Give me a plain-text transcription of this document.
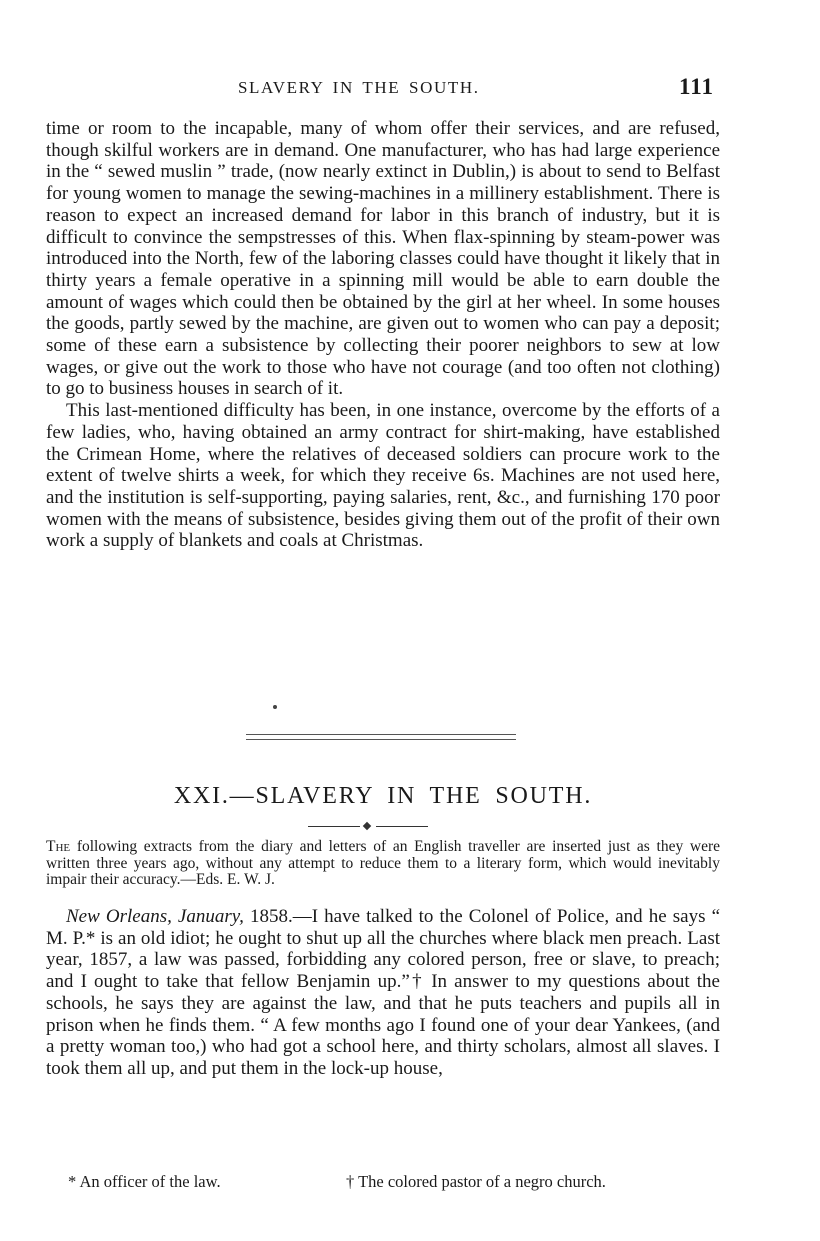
SLAVERY IN THE SOUTH.	111

time or room to the incapable, many of whom offer their services, and are refused, though skilful workers are in demand. One manufacturer, who has had large experience in the “ sewed muslin ” trade, (now nearly extinct in Dublin,) is about to send to Belfast for young women to manage the sewing-machines in a millinery establishment. There is reason to expect an increased demand for labor in this branch of industry, but it is difficult to convince the sempstresses of this. When flax-spinning by steam-power was introduced into the North, few of the laboring classes could have thought it likely that in thirty years a female operative in a spinning mill would be able to earn double the amount of wages which could then be obtained by the girl at her wheel. In some houses the goods, partly sewed by the machine, are given out to women who can pay a deposit; some of these earn a subsistence by collecting their poorer neighbors to sew at low wages, or give out the work to those who have not courage (and too often not clothing) to go to business houses in search of it.

This last-mentioned difficulty has been, in one instance, overcome by the efforts of a few ladies, who, having obtained an army contract for shirt-making, have established the Crimean Home, where the relatives of deceased soldiers can procure work to the extent of twelve shirts a week, for which they receive 6s. Machines are not used here, and the institution is self-supporting, paying salaries, rent, &c., and furnishing 170 poor women with the means of subsistence, besides giving them out of the profit of their own work a supply of blankets and coals at Christmas.

XXI.—SLAVERY IN THE SOUTH.

The following extracts from the diary and letters of an English traveller are inserted just as they were written three years ago, without any attempt to reduce them to a literary form, which would inevitably impair their accuracy.—Eds. E. W. J.

New Orleans, January, 1858.—I have talked to the Colonel of Police, and he says “ M. P.* is an old idiot; he ought to shut up all the churches where black men preach. Last year, 1857, a law was passed, forbidding any colored person, free or slave, to preach; and I ought to take that fellow Benjamin up.”† In answer to my questions about the schools, he says they are against the law, and that he puts teachers and pupils all in prison when he finds them. “ A few months ago I found one of your dear Yankees, (and a pretty woman too,) who had got a school here, and thirty scholars, almost all slaves. I took them all up, and put them in the lock-up house,

* An officer of the law.	† The colored pastor of a negro church.
